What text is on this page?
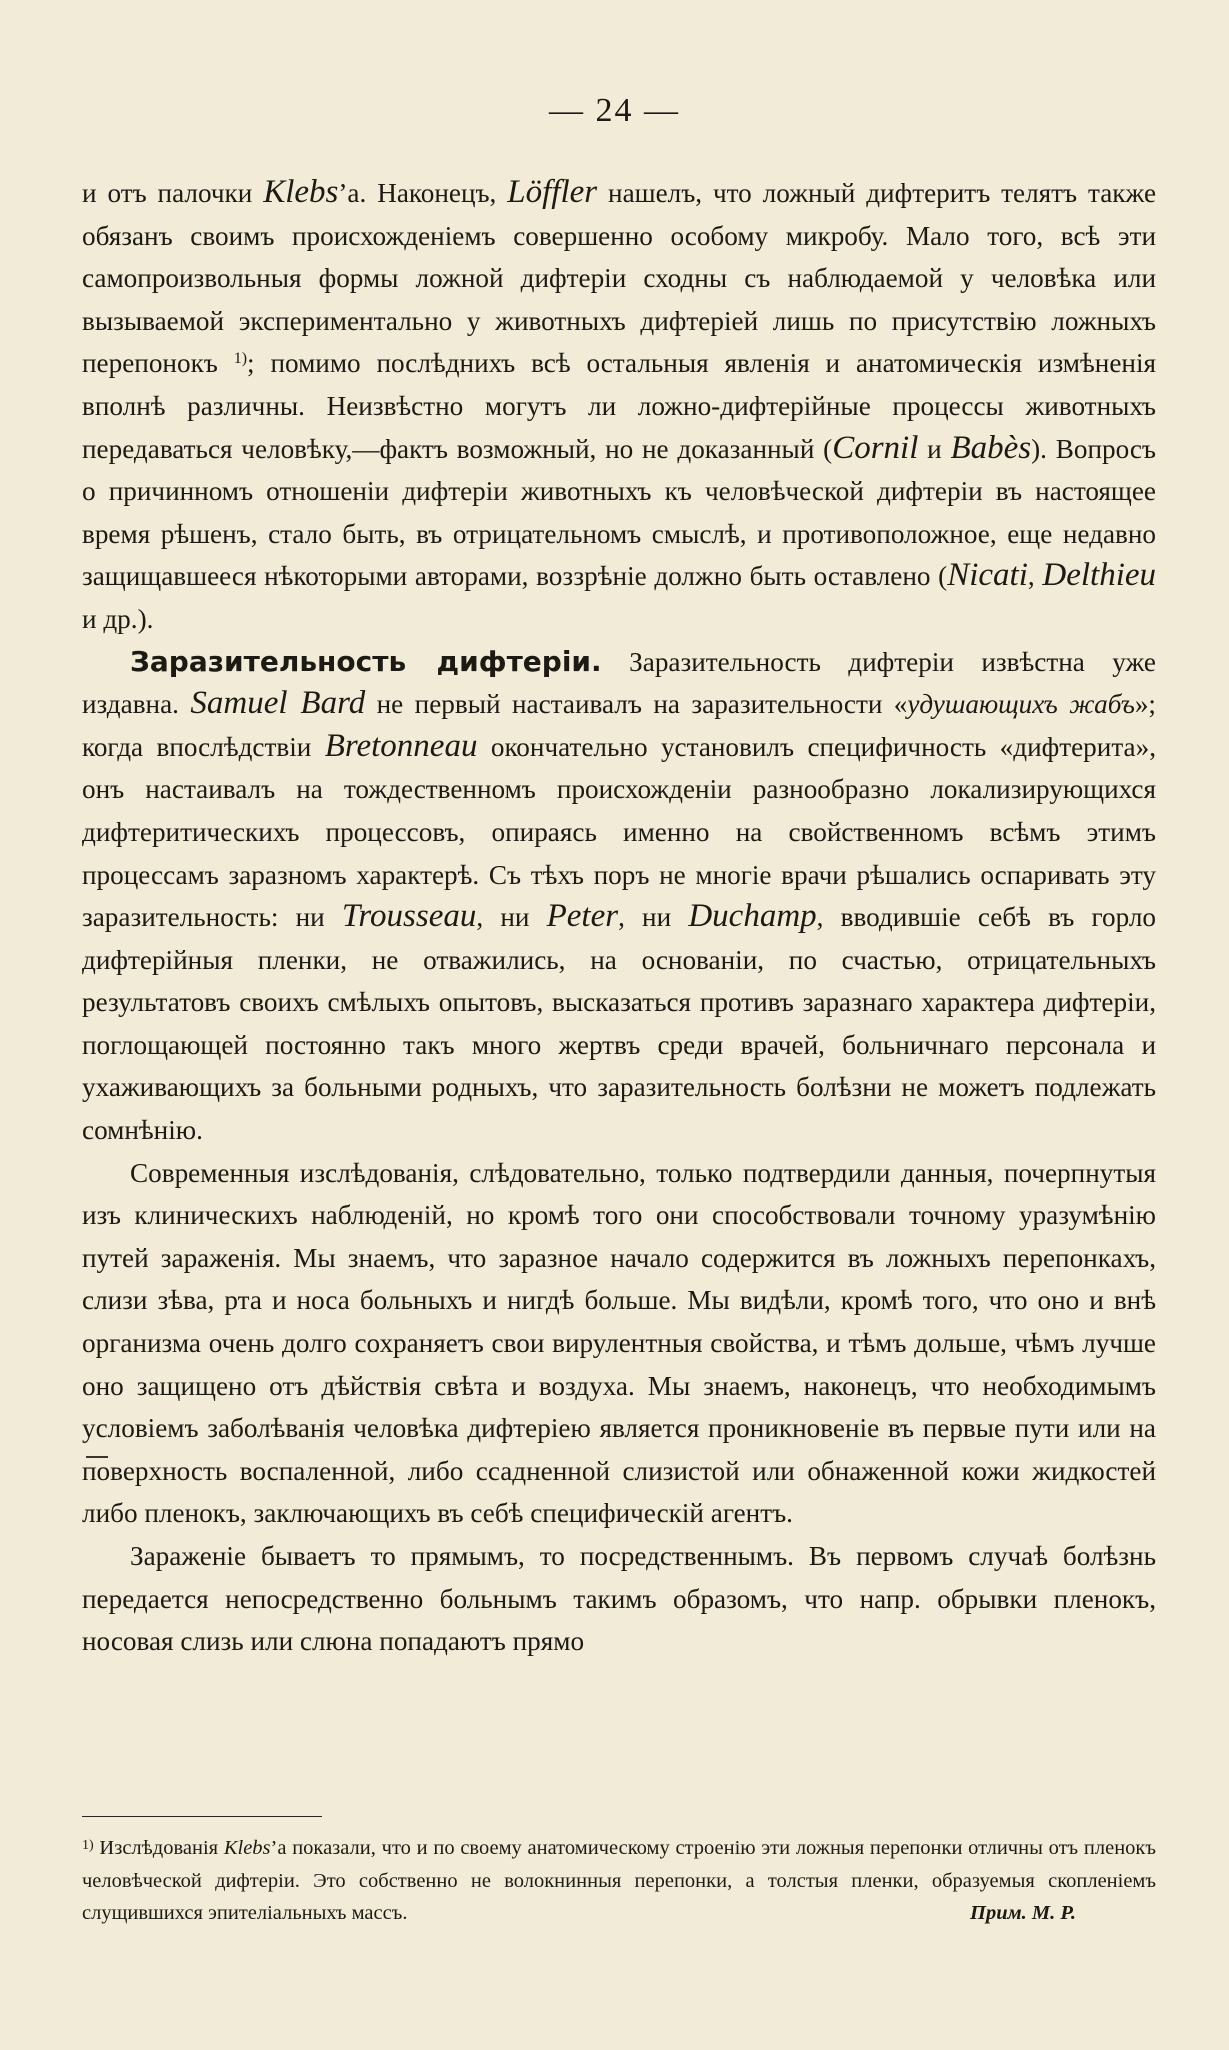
— 24 —

и отъ палочки Klebs’а. Наконецъ, Löffler нашелъ, что ложный дифтеритъ телятъ также обязанъ своимъ происхожденіемъ совершенно особому микробу. Мало того, всѣ эти самопроизвольныя формы ложной дифтеріи сходны съ наблюдаемой у человѣка или вызываемой экспериментально у животныхъ дифтеріей лишь по присутствію ложныхъ перепонокъ $^{1)}$; помимо послѣднихъ всѣ остальныя явленія и анатомическія измѣненія вполнѣ различны. Неизвѣстно могутъ ли ложно-дифтерійные процессы животныхъ передаваться человѣку,—фактъ возможный, но не доказанный (Cornil и Babès). Вопросъ о причинномъ отношеніи дифтеріи животныхъ къ человѣческой дифтеріи въ настоящее время рѣшенъ, стало быть, въ отрицательномъ смыслѣ, и противоположное, еще недавно защищавшееся нѣкоторыми авторами, воззрѣніе должно быть оставлено (Nicati, Delthieu и др.).

Заразительность дифтеріи. Заразительность дифтеріи извѣстна уже издавна. Samuel Bard не первый настаивалъ на заразительности «удушающихъ жабъ»; когда впослѣдствіи Bretonneau окончательно установилъ специфичность «дифтерита», онъ настаивалъ на тождественномъ происхожденіи разнообразно локализирующихся дифтеритическихъ процессовъ, опираясь именно на свойственномъ всѣмъ этимъ процессамъ заразномъ характерѣ. Съ тѣхъ поръ не многіе врачи рѣшались оспаривать эту заразительность: ни Trousseau, ни Peter, ни Duchamp, вводившіе себѣ въ горло дифтерійныя пленки, не отважились, на основаніи, по счастью, отрицательныхъ результатовъ своихъ смѣлыхъ опытовъ, высказаться противъ заразнаго характера дифтеріи, поглощающей постоянно такъ много жертвъ среди врачей, больничнаго персонала и ухаживающихъ за больными родныхъ, что заразительность болѣзни не можетъ подлежать сомнѣнію.

Современныя изслѣдованія, слѣдовательно, только подтвердили данныя, почерпнутыя изъ клиническихъ наблюденій, но кромѣ того они способствовали точному уразумѣнію путей зараженія. Мы знаемъ, что заразное начало содержится въ ложныхъ перепонкахъ, слизи зѣва, рта и носа больныхъ и нигдѣ больше. Мы видѣли, кромѣ того, что оно и внѣ организма очень долго сохраняетъ свои вирулентныя свойства, и тѣмъ дольше, чѣмъ лучше оно защищено отъ дѣйствія свѣта и воздуха. Мы знаемъ, наконецъ, что необходимымъ условіемъ заболѣванія человѣка дифтеріею является проникновеніе въ первые пути или на поверхность воспаленной, либо ссадненной слизистой или обнаженной кожи жидкостей либо пленокъ, заключающихъ въ себѣ специфическій агентъ.

Зараженіе бываетъ то прямымъ, то посредственнымъ. Въ первомъ случаѣ болѣзнь передается непосредственно больнымъ такимъ образомъ, что напр. обрывки пленокъ, носовая слизь или слюна попадаютъ прямо

$^{1)}$ Изслѣдованія Klebs’а показали, что и по своему анатомическому строенію эти ложныя перепонки отличны отъ пленокъ человѣческой дифтеріи. Это собственно не волокнинныя перепонки, а толстыя пленки, образуемыя скопленіемъ слущившихся эпителіальныхъ массъ.	Прим. М. Р.
